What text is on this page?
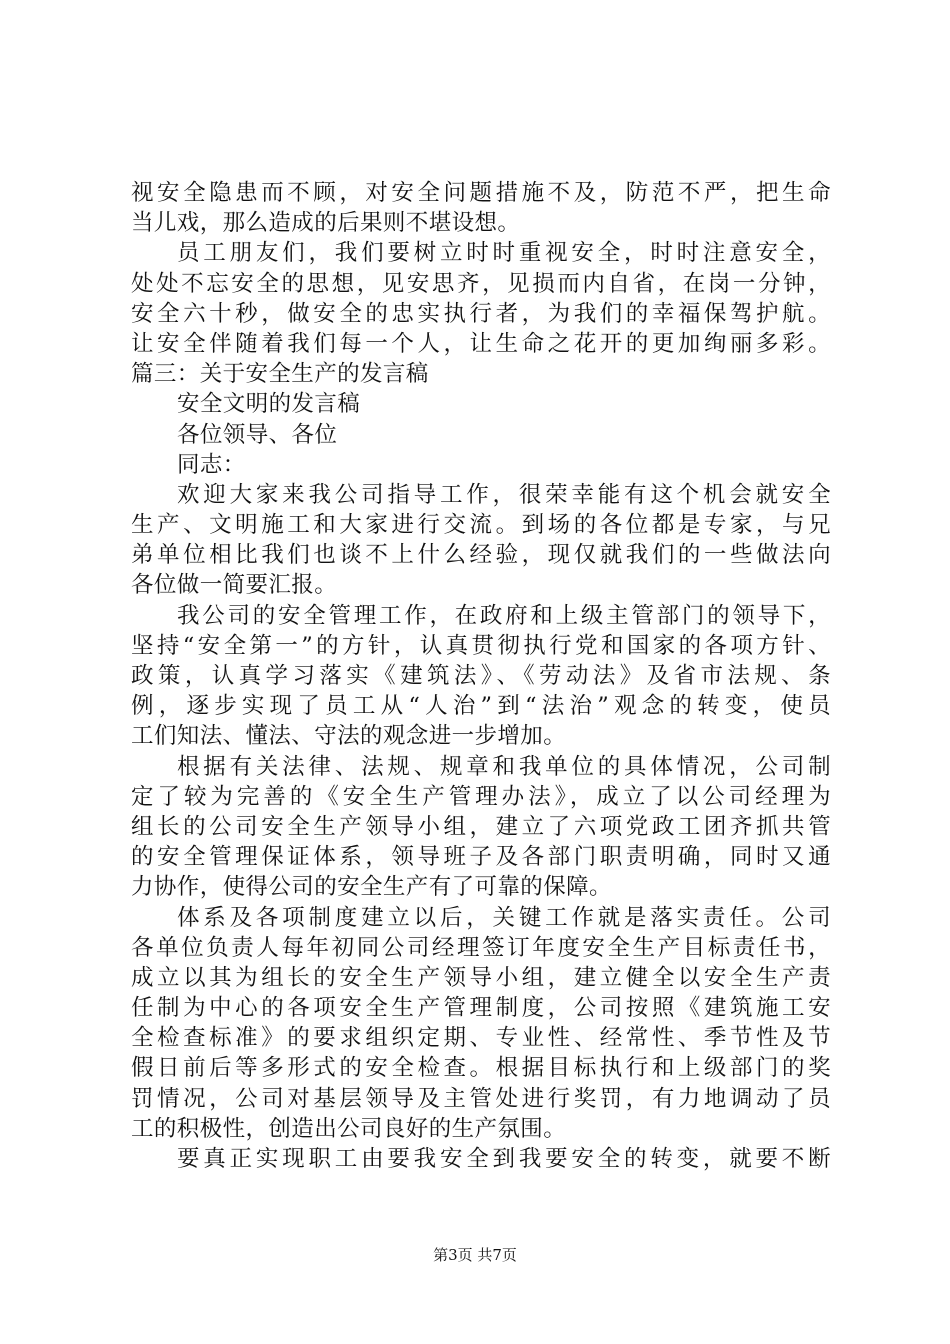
视安全隐患而不顾，对安全问题措施不及，防范不严，把生命
当儿戏，那么造成的后果则不堪设想。
员工朋友们，我们要树立时时重视安全，时时注意安全，
处处不忘安全的思想，见安思齐，见损而内自省，在岗一分钟，
安全六十秒，做安全的忠实执行者，为我们的幸福保驾护航。
让安全伴随着我们每一个人，让生命之花开的更加绚丽多彩。
篇三：关于安全生产的发言稿
安全文明的发言稿
各位领导、各位
同志：
欢迎大家来我公司指导工作，很荣幸能有这个机会就安全
生产、文明施工和大家进行交流。到场的各位都是专家，与兄
弟单位相比我们也谈不上什么经验，现仅就我们的一些做法向
各位做一简要汇报。
我公司的安全管理工作，在政府和上级主管部门的领导下，
坚持“安全第一”的方针，认真贯彻执行党和国家的各项方针、
政策，认真学习落实《建筑法》、《劳动法》及省市法规、条
例，逐步实现了员工从“人治”到“法治”观念的转变，使员
工们知法、懂法、守法的观念进一步增加。
根据有关法律、法规、规章和我单位的具体情况，公司制
定了较为完善的《安全生产管理办法》，成立了以公司经理为
组长的公司安全生产领导小组，建立了六项党政工团齐抓共管
的安全管理保证体系，领导班子及各部门职责明确，同时又通
力协作，使得公司的安全生产有了可靠的保障。
体系及各项制度建立以后，关键工作就是落实责任。公司
各单位负责人每年初同公司经理签订年度安全生产目标责任书，
成立以其为组长的安全生产领导小组，建立健全以安全生产责
任制为中心的各项安全生产管理制度，公司按照《建筑施工安
全检查标准》的要求组织定期、专业性、经常性、季节性及节
假日前后等多形式的安全检查。根据目标执行和上级部门的奖
罚情况，公司对基层领导及主管处进行奖罚，有力地调动了员
工的积极性，创造出公司良好的生产氛围。
要真正实现职工由要我安全到我要安全的转变，就要不断
第3页 共7页
